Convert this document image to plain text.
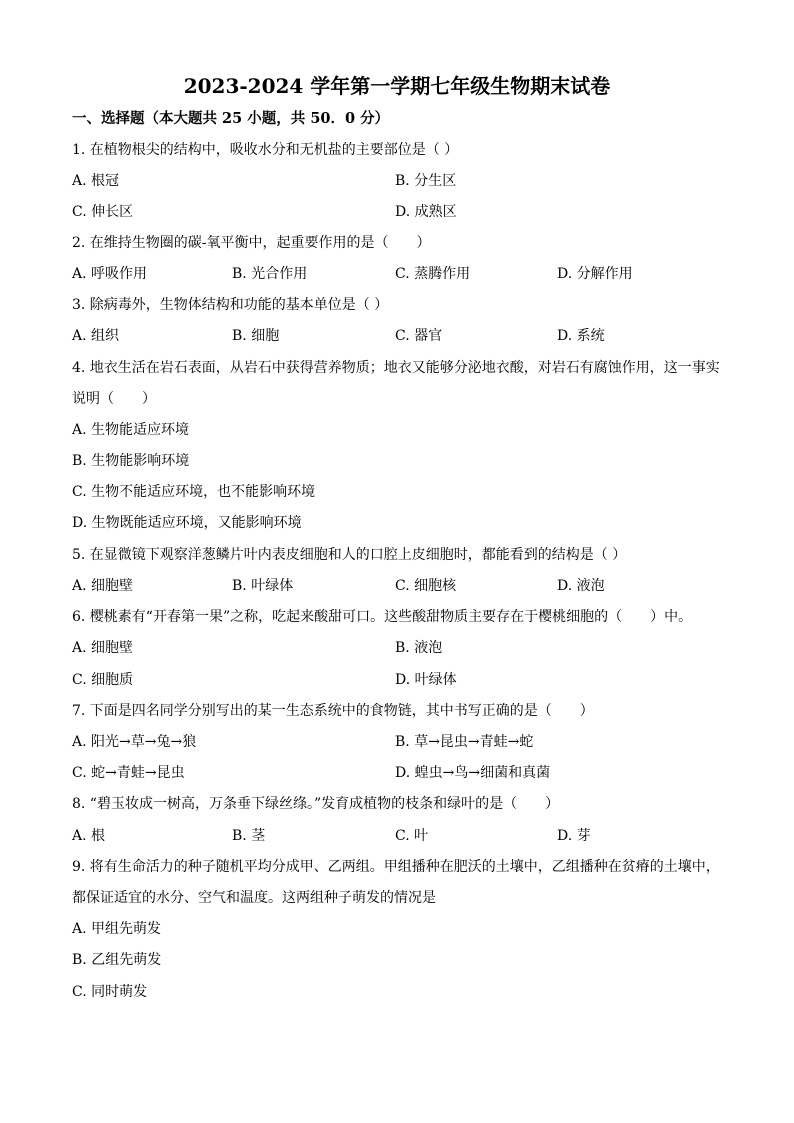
2023-2024 学年第一学期七年级生物期末试卷
一、选择题（本大题共 25 小题，共 50．0 分）
1. 在植物根尖的结构中，吸收水分和无机盐的主要部位是（ ）
A. 根冠	B. 分生区
C. 伸长区	D. 成熟区
2. 在维持生物圈的碳-氧平衡中，起重要作用的是（　　）
A. 呼吸作用	B. 光合作用	C. 蒸腾作用	D. 分解作用
3. 除病毒外，生物体结构和功能的基本单位是（ ）
A. 组织	B. 细胞	C. 器官	D. 系统
4. 地衣生活在岩石表面，从岩石中获得营养物质；地衣又能够分泌地衣酸，对岩石有腐蚀作用，这一事实
说明（　　）
A. 生物能适应环境
B. 生物能影响环境
C. 生物不能适应环境，也不能影响环境
D. 生物既能适应环境，又能影响环境
5. 在显微镜下观察洋葱鳞片叶内表皮细胞和人的口腔上皮细胞时，都能看到的结构是（ ）
A. 细胞壁	B. 叶绿体	C. 细胞核	D. 液泡
6. 樱桃素有“开春第一果”之称，吃起来酸甜可口。这些酸甜物质主要存在于樱桃细胞的（　　）中。
A. 细胞壁	B. 液泡
C. 细胞质	D. 叶绿体
7. 下面是四名同学分别写出的某一生态系统中的食物链，其中书写正确的是（　　）
A. 阳光→草→兔→狼	B. 草→昆虫→青蛙→蛇
C. 蛇→青蛙→昆虫	D. 蝗虫→鸟→细菌和真菌
8. “碧玉妆成一树高，万条垂下绿丝绦。”发育成植物的枝条和绿叶的是（　　）
A. 根	B. 茎	C. 叶	D. 芽
9. 将有生命活力的种子随机平均分成甲、乙两组。甲组播种在肥沃的土壤中，乙组播种在贫瘠的土壤中，
都保证适宜的水分、空气和温度。这两组种子萌发的情况是
A. 甲组先萌发
B. 乙组先萌发
C. 同时萌发
